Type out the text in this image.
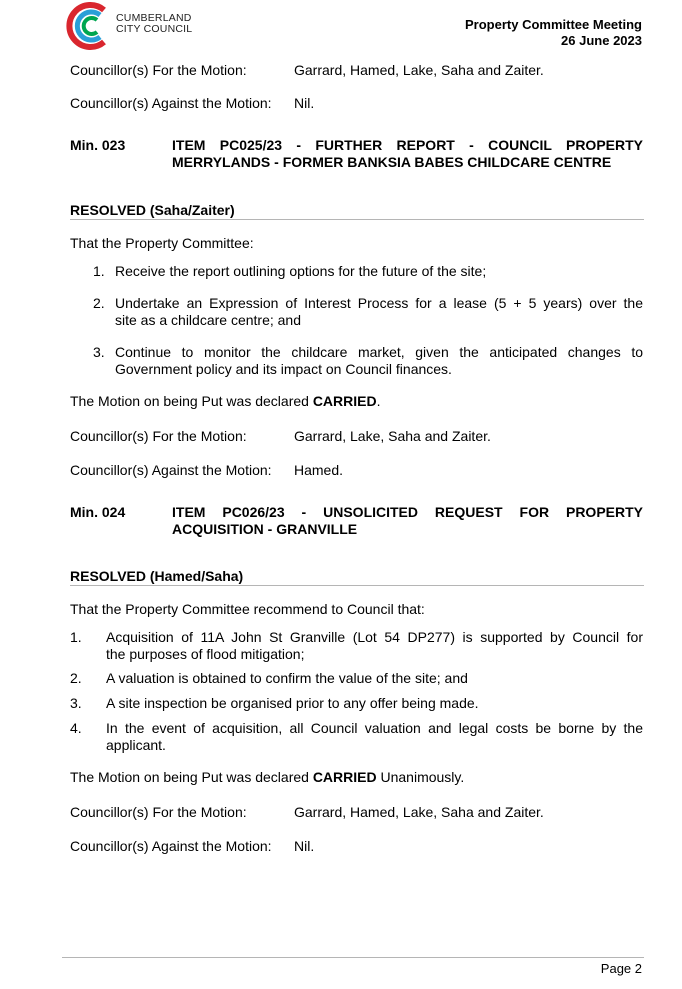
CUMBERLAND
CITY COUNCIL	Property Committee Meeting
26 June 2023
Councillor(s) For the Motion:	Garrard, Hamed, Lake, Saha and Zaiter.
Councillor(s) Against the Motion: Nil.
Min. 023	ITEM PC025/23 - FURTHER REPORT - COUNCIL PROPERTY
MERRYLANDS - FORMER BANKSIA BABES CHILDCARE CENTRE
RESOLVED (Saha/Zaiter)
That the Property Committee:
1. Receive the report outlining options for the future of the site;
2. Undertake an Expression of Interest Process for a lease (5 + 5 years) over the
site as a childcare centre; and
3. Continue to monitor the childcare market, given the anticipated changes to
Government policy and its impact on Council finances.
The Motion on being Put was declared CARRIED.
Councillor(s) For the Motion:	Garrard, Lake, Saha and Zaiter.
Councillor(s) Against the Motion: Hamed.
Min. 024	ITEM PC026/23 - UNSOLICITED REQUEST FOR PROPERTY
ACQUISITION - GRANVILLE
RESOLVED (Hamed/Saha)
That the Property Committee recommend to Council that:
1. Acquisition of 11A John St Granville (Lot 54 DP277) is supported by Council for
the purposes of flood mitigation;
2. A valuation is obtained to confirm the value of the site; and
3. A site inspection be organised prior to any offer being made.
4. In the event of acquisition, all Council valuation and legal costs be borne by the
applicant.
The Motion on being Put was declared CARRIED Unanimously.
Councillor(s) For the Motion:	Garrard, Hamed, Lake, Saha and Zaiter.
Councillor(s) Against the Motion: Nil.
Page 2
